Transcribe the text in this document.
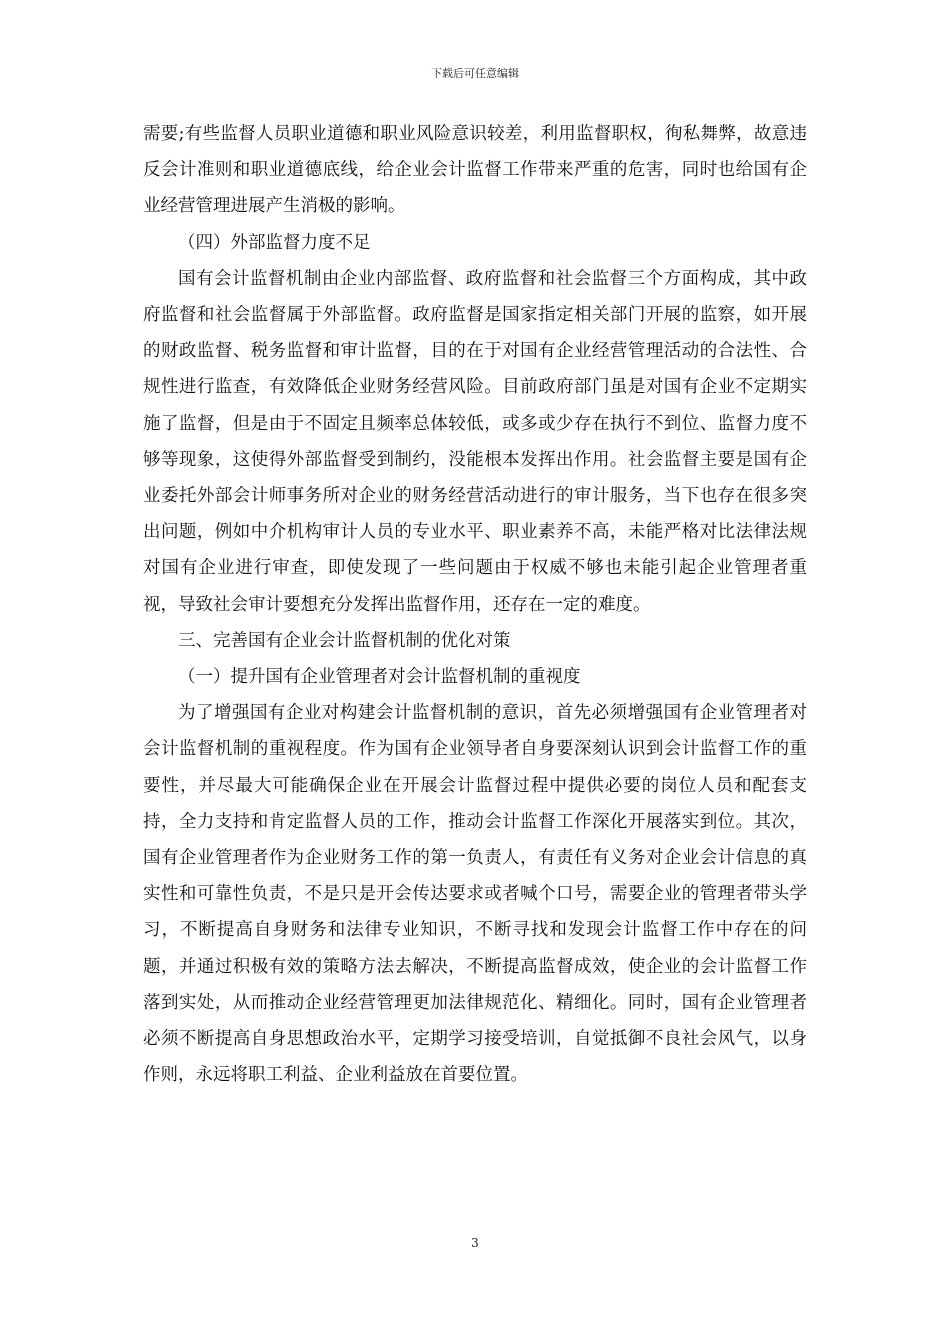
下载后可任意编辑

需要;有些监督人员职业道德和职业风险意识较差，利用监督职权，徇私舞弊，故意违反会计准则和职业道德底线，给企业会计监督工作带来严重的危害，同时也给国有企业经营管理进展产生消极的影响。

（四）外部监督力度不足

国有会计监督机制由企业内部监督、政府监督和社会监督三个方面构成，其中政府监督和社会监督属于外部监督。政府监督是国家指定相关部门开展的监察，如开展的财政监督、税务监督和审计监督，目的在于对国有企业经营管理活动的合法性、合规性进行监查，有效降低企业财务经营风险。目前政府部门虽是对国有企业不定期实施了监督，但是由于不固定且频率总体较低，或多或少存在执行不到位、监督力度不够等现象，这使得外部监督受到制约，没能根本发挥出作用。社会监督主要是国有企业委托外部会计师事务所对企业的财务经营活动进行的审计服务，当下也存在很多突出问题，例如中介机构审计人员的专业水平、职业素养不高，未能严格对比法律法规对国有企业进行审查，即使发现了一些问题由于权威不够也未能引起企业管理者重视，导致社会审计要想充分发挥出监督作用，还存在一定的难度。

三、完善国有企业会计监督机制的优化对策

（一）提升国有企业管理者对会计监督机制的重视度

为了增强国有企业对构建会计监督机制的意识，首先必须增强国有企业管理者对会计监督机制的重视程度。作为国有企业领导者自身要深刻认识到会计监督工作的重要性，并尽最大可能确保企业在开展会计监督过程中提供必要的岗位人员和配套支持，全力支持和肯定监督人员的工作，推动会计监督工作深化开展落实到位。其次，国有企业管理者作为企业财务工作的第一负责人，有责任有义务对企业会计信息的真实性和可靠性负责，不是只是开会传达要求或者喊个口号，需要企业的管理者带头学习，不断提高自身财务和法律专业知识，不断寻找和发现会计监督工作中存在的问题，并通过积极有效的策略方法去解决，不断提高监督成效，使企业的会计监督工作落到实处，从而推动企业经营管理更加法律规范化、精细化。同时，国有企业管理者必须不断提高自身思想政治水平，定期学习接受培训，自觉抵御不良社会风气，以身作则，永远将职工利益、企业利益放在首要位置。

3
